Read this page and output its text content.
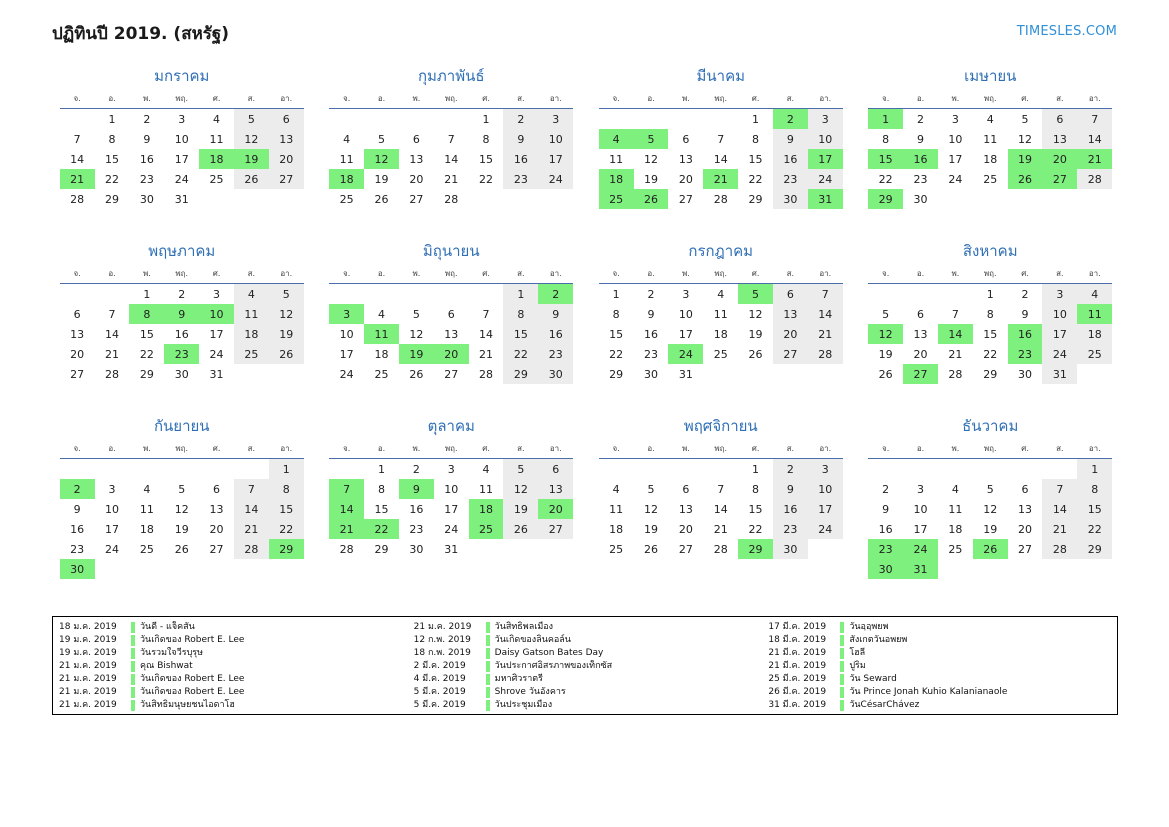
ปฏิทินปี 2019. (สหรัฐ)	TIMESLES.COM
มกราคม
จ.	อ.	พ.	พฤ.	ศ.	ส.	อา.
	1	2	3	4	5	6
7	8	9	10	11	12	13
14	15	16	17	18	19	20
21	22	23	24	25	26	27
28	29	30	31			
กุมภาพันธ์
จ.	อ.	พ.	พฤ.	ศ.	ส.	อา.
				1	2	3
4	5	6	7	8	9	10
11	12	13	14	15	16	17
18	19	20	21	22	23	24
25	26	27	28			
มีนาคม
จ.	อ.	พ.	พฤ.	ศ.	ส.	อา.
				1	2	3
4	5	6	7	8	9	10
11	12	13	14	15	16	17
18	19	20	21	22	23	24
25	26	27	28	29	30	31
เมษายน
จ.	อ.	พ.	พฤ.	ศ.	ส.	อา.
1	2	3	4	5	6	7
8	9	10	11	12	13	14
15	16	17	18	19	20	21
22	23	24	25	26	27	28
29	30					
พฤษภาคม
จ.	อ.	พ.	พฤ.	ศ.	ส.	อา.
		1	2	3	4	5
6	7	8	9	10	11	12
13	14	15	16	17	18	19
20	21	22	23	24	25	26
27	28	29	30	31		
มิถุนายน
จ.	อ.	พ.	พฤ.	ศ.	ส.	อา.
					1	2
3	4	5	6	7	8	9
10	11	12	13	14	15	16
17	18	19	20	21	22	23
24	25	26	27	28	29	30
กรกฎาคม
จ.	อ.	พ.	พฤ.	ศ.	ส.	อา.
1	2	3	4	5	6	7
8	9	10	11	12	13	14
15	16	17	18	19	20	21
22	23	24	25	26	27	28
29	30	31				
สิงหาคม
จ.	อ.	พ.	พฤ.	ศ.	ส.	อา.
			1	2	3	4
5	6	7	8	9	10	11
12	13	14	15	16	17	18
19	20	21	22	23	24	25
26	27	28	29	30	31	
กันยายน
จ.	อ.	พ.	พฤ.	ศ.	ส.	อา.
						1
2	3	4	5	6	7	8
9	10	11	12	13	14	15
16	17	18	19	20	21	22
23	24	25	26	27	28	29
30						
ตุลาคม
จ.	อ.	พ.	พฤ.	ศ.	ส.	อา.
	1	2	3	4	5	6
7	8	9	10	11	12	13
14	15	16	17	18	19	20
21	22	23	24	25	26	27
28	29	30	31			
พฤศจิกายน
จ.	อ.	พ.	พฤ.	ศ.	ส.	อา.
				1	2	3
4	5	6	7	8	9	10
11	12	13	14	15	16	17
18	19	20	21	22	23	24
25	26	27	28	29	30	
ธันวาคม
จ.	อ.	พ.	พฤ.	ศ.	ส.	อา.
						1
2	3	4	5	6	7	8
9	10	11	12	13	14	15
16	17	18	19	20	21	22
23	24	25	26	27	28	29
30	31					
18 ม.ค. 2019	วันดี - แจ็คสัน
19 ม.ค. 2019	วันเกิดของ Robert E. Lee
19 ม.ค. 2019	วันรวมใจวีรบุรุษ
21 ม.ค. 2019	คุณ Bishwat
21 ม.ค. 2019	วันเกิดของ Robert E. Lee
21 ม.ค. 2019	วันเกิดของ Robert E. Lee
21 ม.ค. 2019	วันสิทธิมนุษยชนไอดาโฮ
21 ม.ค. 2019	วันสิทธิพลเมือง
12 ก.พ. 2019	วันเกิดของลินคอล์น
18 ก.พ. 2019	Daisy Gatson Bates Day
2 มี.ค. 2019	วันประกาศอิสรภาพของเท็กซัส
4 มี.ค. 2019	มหาศิวราตรี
5 มี.ค. 2019	Shrove วันอังคาร
5 มี.ค. 2019	วันประชุมเมือง
17 มี.ค. 2019	วันอฺอฺพยพ
18 มี.ค. 2019	สังเกตวันอพยพ
21 มี.ค. 2019	โฮลี
21 มี.ค. 2019	ปูริม
25 มี.ค. 2019	วัน Seward
26 มี.ค. 2019	วัน Prince Jonah Kuhio Kalanianaole
31 มี.ค. 2019	วันCésarChávez
